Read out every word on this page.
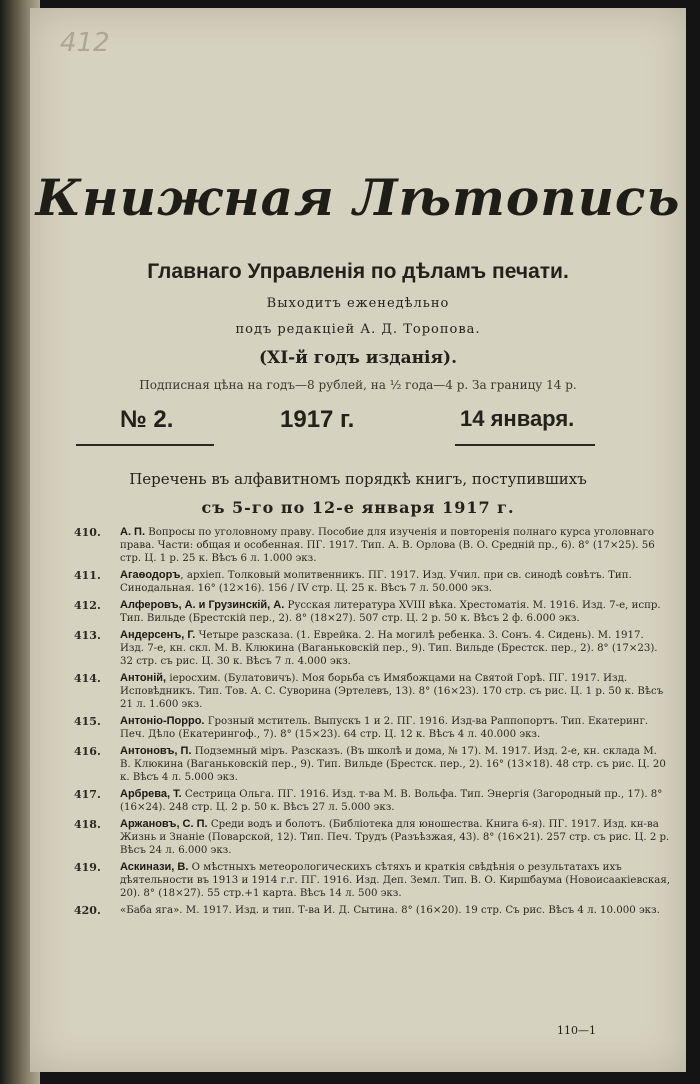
412
Книжная Лѣтопись
Главнаго Управленія по дѣламъ печати.
Выходитъ еженедѣльно
подъ редакціей А. Д. Торопова.
(XI-й годъ изданія).
Подписная цѣна на годъ—8 рублей, на ½ года—4 р. За границу 14 р.
№ 2.	1917 г.	14 января.
Перечень въ алфавитномъ порядкѣ книгъ, поступившихъ
съ 5-го по 12-е января 1917 г.
410. А. П. Вопросы по уголовному праву. Пособие для изученія и повторенія полнаго курса уголовнаго права. Части: общая и особенная. ПГ. 1917. Тип. А. В. Орлова (В. О. Средній пр., 6). 8° (17×25). 56 стр. Ц. 1 р. 25 к. Вѣсъ 6 л. 1.000 экз.
411. Агаѳодоръ, архіеп. Толковый молитвенникъ. ПГ. 1917. Изд. Учил. при св. синодѣ совѣтъ. Тип. Синодальная. 16° (12×16). 156 / IV стр. Ц. 25 к. Вѣсъ 7 л. 50.000 экз.
412. Алферовъ, А. и Грузинскій, А. Русская литература XVIII вѣка. Хрестоматія. М. 1916. Изд. 7-е, испр. Тип. Вильде (Брестскій пер., 2). 8° (18×27). 507 стр. Ц. 2 р. 50 к. Вѣсъ 2 ф. 6.000 экз.
413. Андерсенъ, Г. Четыре разсказа. (1. Еврейка. 2. На могилѣ ребенка. 3. Сонъ. 4. Сидень). М. 1917. Изд. 7-е, кн. скл. М. В. Клюкина (Ваганьковскій пер., 9). Тип. Вильде (Брестск. пер., 2). 8° (17×23). 32 стр. съ рис. Ц. 30 к. Вѣсъ 7 л. 4.000 экз.
414. Антоній, іеросхим. (Булатовичъ). Моя борьба съ Имябожцами на Святой Горѣ. ПГ. 1917. Изд. Исповѣдникъ. Тип. Тов. А. С. Суворина (Эртелевъ, 13). 8° (16×23). 170 стр. съ рис. Ц. 1 р. 50 к. Вѣсъ 21 л. 1.600 экз.
415. Антоніо-Порро. Грозный мститель. Выпускъ 1 и 2. ПГ. 1916. Изд-ва Раппопортъ. Тип. Екатеринг. Печ. Дѣло (Екатерингоф., 7). 8° (15×23). 64 стр. Ц. 12 к. Вѣсъ 4 л. 40.000 экз.
416. Антоновъ, П. Подземный міръ. Разсказъ. (Въ школѣ и дома, № 17). М. 1917. Изд. 2-е, кн. склада М. В. Клюкина (Ваганьковскій пер., 9). Тип. Вильде (Брестск. пер., 2). 16° (13×18). 48 стр. съ рис. Ц. 20 к. Вѣсъ 4 л. 5.000 экз.
417. Арбрева, Т. Сестрица Ольга. ПГ. 1916. Изд. т-ва М. В. Вольфа. Тип. Энергія (Загородный пр., 17). 8° (16×24). 248 стр. Ц. 2 р. 50 к. Вѣсъ 27 л. 5.000 экз.
418. Аржановъ, С. П. Среди водъ и болотъ. (Библіотека для юношества. Книга 6-я). ПГ. 1917. Изд. кн-ва Жизнь и Знаніе (Поварской, 12). Тип. Печ. Трудъ (Разъѣзжая, 43). 8° (16×21). 257 стр. съ рис. Ц. 2 р. Вѣсъ 24 л. 6.000 экз.
419. Аскинази, В. О мѣстныхъ метеорологическихъ сѣтяхъ и краткія свѣдѣнія о результатахъ ихъ дѣятельности въ 1913 и 1914 г.г. ПГ. 1916. Изд. Деп. Земл. Тип. В. О. Киршбаума (Новоисаакіевская, 20). 8° (18×27). 55 стр.+1 карта. Вѣсъ 14 л. 500 экз.
420. «Баба яга». М. 1917. Изд. и тип. Т-ва И. Д. Сытина. 8° (16×20). 19 стр. Съ рис. Вѣсъ 4 л. 10.000 экз.
110—1
